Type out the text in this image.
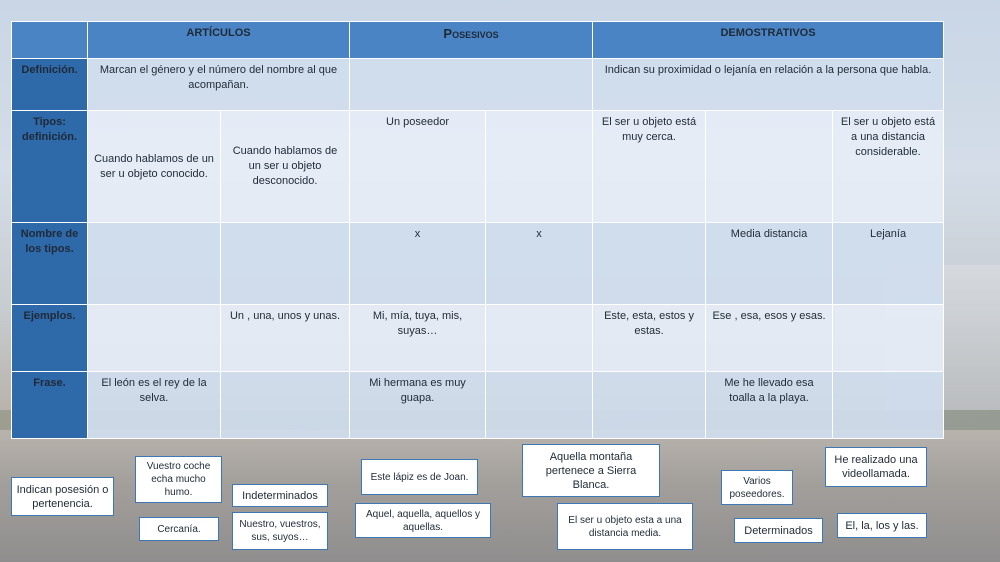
	ARTÍCULOS		Posesivos		DEMOSTRATIVOS		
Definición.	Marcan el género y el número del nombre al que acompañan.				Indican su proximidad o lejanía en relación a la persona que habla.		
Tipos: definición.	Cuando hablamos de un ser u objeto conocido.	Cuando hablamos de un ser u objeto desconocido.	Un poseedor		El ser u objeto está muy cerca.		El ser u objeto está a una distancia considerable.
Nombre de los tipos.			x	x		Media distancia	Lejanía
Ejemplos.		Un , una, unos y unas.	Mi, mía, tuya, mis, suyas…		Este, esta, estos y estas.	Ese , esa, esos y esas.	
Frase.	El león es el rey de la selva.		Mi hermana es muy guapa.			Me he llevado esa toalla a la playa.	
Indican posesión o pertenencia.
Vuestro coche echa mucho humo.
Cercanía.
Indeterminados
Nuestro, vuestros, sus, suyos…
Este lápiz es de Joan.
Aquel, aquella, aquellos y aquellas.
Aquella montaña pertenece a Sierra Blanca.
El ser u objeto esta a una distancia media.
Varios poseedores.
Determinados
He realizado una videollamada.
El, la, los y las.
